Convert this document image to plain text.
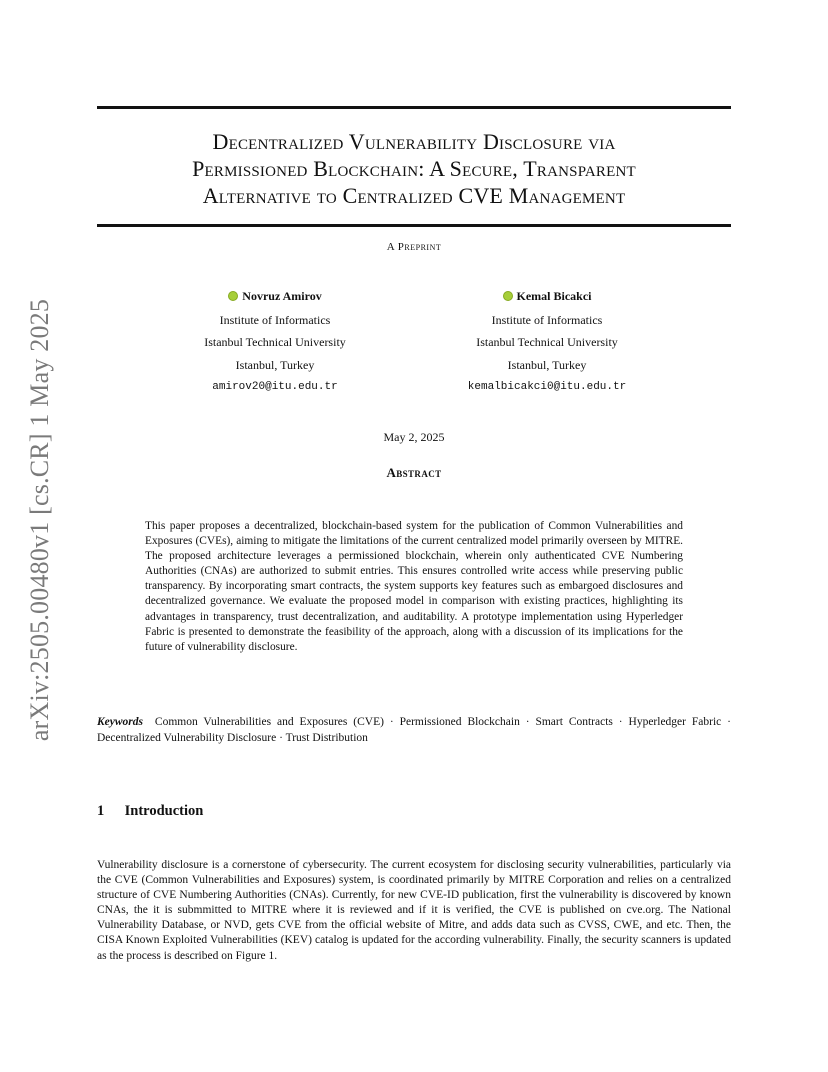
arXiv:2505.00480v1 [cs.CR] 1 May 2025
Decentralized Vulnerability Disclosure via
Permissioned Blockchain: A Secure, Transparent
Alternative to Centralized CVE Management
A Preprint
Novruz Amirov
Institute of Informatics
Istanbul Technical University
Istanbul, Turkey
amirov20@itu.edu.tr
Kemal Bicakci
Institute of Informatics
Istanbul Technical University
Istanbul, Turkey
kemalbicakci0@itu.edu.tr
May 2, 2025
Abstract
This paper proposes a decentralized, blockchain-based system for the publication of Common Vulnerabilities and Exposures (CVEs), aiming to mitigate the limitations of the current centralized model primarily overseen by MITRE. The proposed architecture leverages a permissioned blockchain, wherein only authenticated CVE Numbering Authorities (CNAs) are authorized to submit entries. This ensures controlled write access while preserving public transparency. By incorporating smart contracts, the system supports key features such as embargoed disclosures and decentralized governance. We evaluate the proposed model in comparison with existing practices, highlighting its advantages in transparency, trust decentralization, and auditability. A prototype implementation using Hyperledger Fabric is presented to demonstrate the feasibility of the approach, along with a discussion of its implications for the future of vulnerability disclosure.
Keywords Common Vulnerabilities and Exposures (CVE) · Permissioned Blockchain · Smart Contracts · Hyperledger Fabric · Decentralized Vulnerability Disclosure · Trust Distribution
1 Introduction
Vulnerability disclosure is a cornerstone of cybersecurity. The current ecosystem for disclosing security vulnerabilities, particularly via the CVE (Common Vulnerabilities and Exposures) system, is coordinated primarily by MITRE Corporation and relies on a centralized structure of CVE Numbering Authorities (CNAs). Currently, for new CVE-ID publication, first the vulnerability is discovered by known CNAs, the it is submmitted to MITRE where it is reviewed and if it is verified, the CVE is published on cve.org. The National Vulnerability Database, or NVD, gets CVE from the official website of Mitre, and adds data such as CVSS, CWE, and etc. Then, the CISA Known Exploited Vulnerabilities (KEV) catalog is updated for the according vulnerability. Finally, the security scanners is updated as the process is described on Figure 1.
